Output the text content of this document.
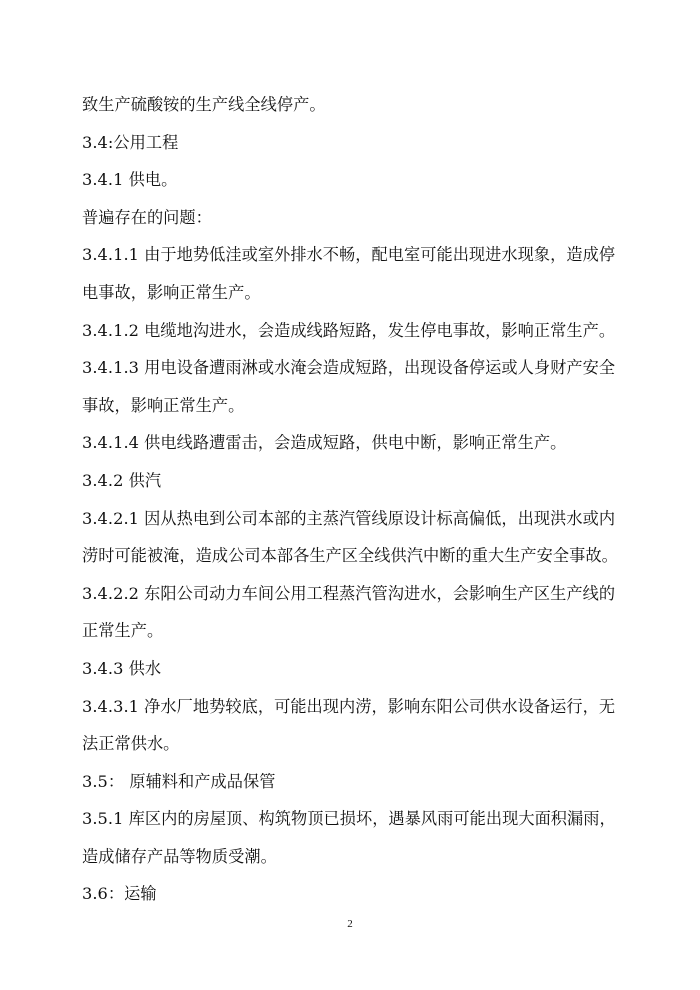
致生产硫酸铵的生产线全线停产。
3.4:公用工程
3.4.1 供电。
普遍存在的问题：
3.4.1.1 由于地势低洼或室外排水不畅，配电室可能出现进水现象，造成停
电事故，影响正常生产。
3.4.1.2 电缆地沟进水，会造成线路短路，发生停电事故，影响正常生产。
3.4.1.3 用电设备遭雨淋或水淹会造成短路，出现设备停运或人身财产安全
事故，影响正常生产。
3.4.1.4 供电线路遭雷击，会造成短路，供电中断，影响正常生产。
3.4.2 供汽
3.4.2.1 因从热电到公司本部的主蒸汽管线原设计标高偏低，出现洪水或内
涝时可能被淹，造成公司本部各生产区全线供汽中断的重大生产安全事故。
3.4.2.2 东阳公司动力车间公用工程蒸汽管沟进水，会影响生产区生产线的
正常生产。
3.4.3 供水
3.4.3.1 净水厂地势较底，可能出现内涝，影响东阳公司供水设备运行，无
法正常供水。
3.5： 原辅料和产成品保管
3.5.1 库区内的房屋顶、构筑物顶已损坏，遇暴风雨可能出现大面积漏雨，
造成储存产品等物质受潮。
3.6：运输
2
